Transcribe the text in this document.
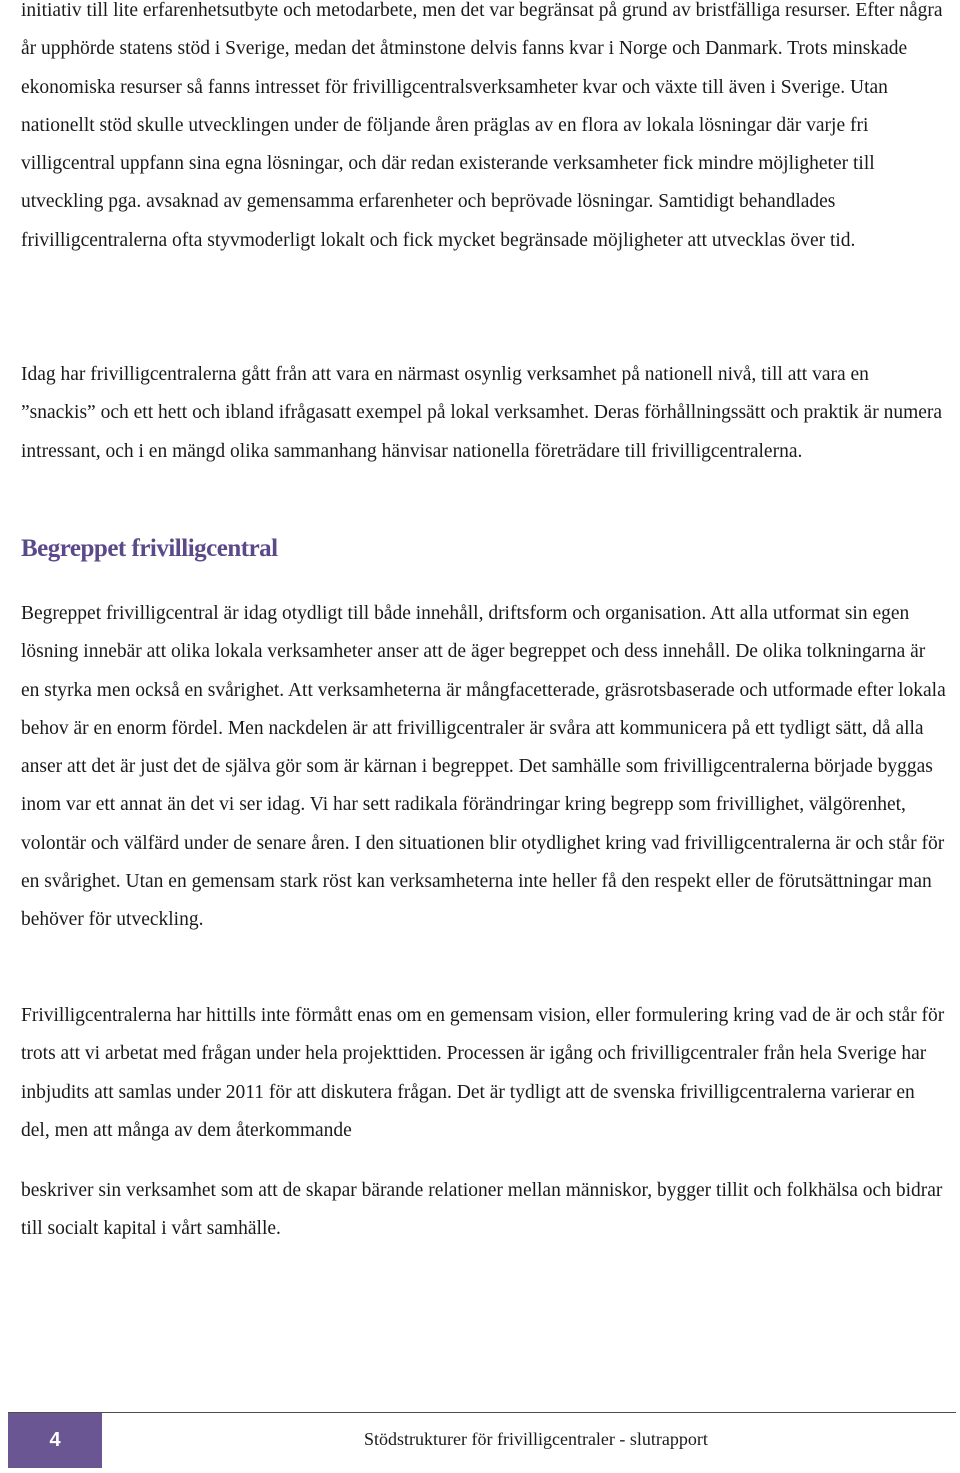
initiativ till lite erfarenhetsutbyte och metodarbete, men det var begränsat på grund av bristfälliga resurser. Efter några år upphörde statens stöd i Sverige, medan det åtminstone delvis fanns kvar i Norge och Danmark. Trots minskade ekonomiska resurser så fanns intresset för frivilligcentralsverksamheter kvar och växte till även i Sverige. Utan nationellt stöd skulle utvecklingen under de följande åren präglas av en flora av lokala lösningar där varje fri villigcentral uppfann sina egna lösningar, och där redan existerande verksamheter fick mindre möjligheter till utveckling pga. avsaknad av gemensamma erfarenheter och beprövade lösningar. Samtidigt behandlades frivilligcentralerna ofta styvmoderligt lokalt och fick mycket begränsade möjligheter att utvecklas över tid.

Idag har frivilligcentralerna gått från att vara en närmast osynlig verksamhet på nationell nivå, till att vara en ”snackis” och ett hett och ibland ifrågasatt exempel på lokal verksamhet. Deras förhållningssätt och praktik är numera intressant, och i en mängd olika sammanhang hänvisar nationella företrädare till frivilligcentralerna.

Begreppet frivilligcentral

Begreppet frivilligcentral är idag otydligt till både innehåll, driftsform och organisation. Att alla utformat sin egen lösning innebär att olika lokala verksamheter anser att de äger begreppet och dess innehåll. De olika tolkningarna är en styrka men också en svårighet. Att verksamheterna är mångfacetterade, gräsrotsbaserade och utformade efter lokala behov är en enorm fördel. Men nackdelen är att frivilligcentraler är svåra att kommunicera på ett tydligt sätt, då alla anser att det är just det de själva gör som är kärnan i begreppet. Det samhälle som frivilligcentralerna började byggas inom var ett annat än det vi ser idag. Vi har sett radikala förändringar kring begrepp som frivillighet, välgörenhet, volontär och välfärd under de senare åren. I den situationen blir otydlighet kring vad frivilligcentralerna är och står för en svårighet. Utan en gemensam stark röst kan verksamheterna inte heller få den respekt eller de förutsättningar man behöver för utveckling.

Frivilligcentralerna har hittills inte förmått enas om en gemensam vision, eller formulering kring vad de är och står för trots att vi arbetat med frågan under hela projekttiden. Processen är igång och frivilligcentraler från hela Sverige har inbjudits att samlas under 2011 för att diskutera frågan. Det är tydligt att de svenska frivilligcentralerna varierar en del, men att många av dem återkommande

beskriver sin verksamhet som att de skapar bärande relationer mellan människor, bygger tillit och folkhälsa och bidrar till socialt kapital i vårt samhälle.

4	Stödstrukturer för frivilligcentraler - slutrapport
